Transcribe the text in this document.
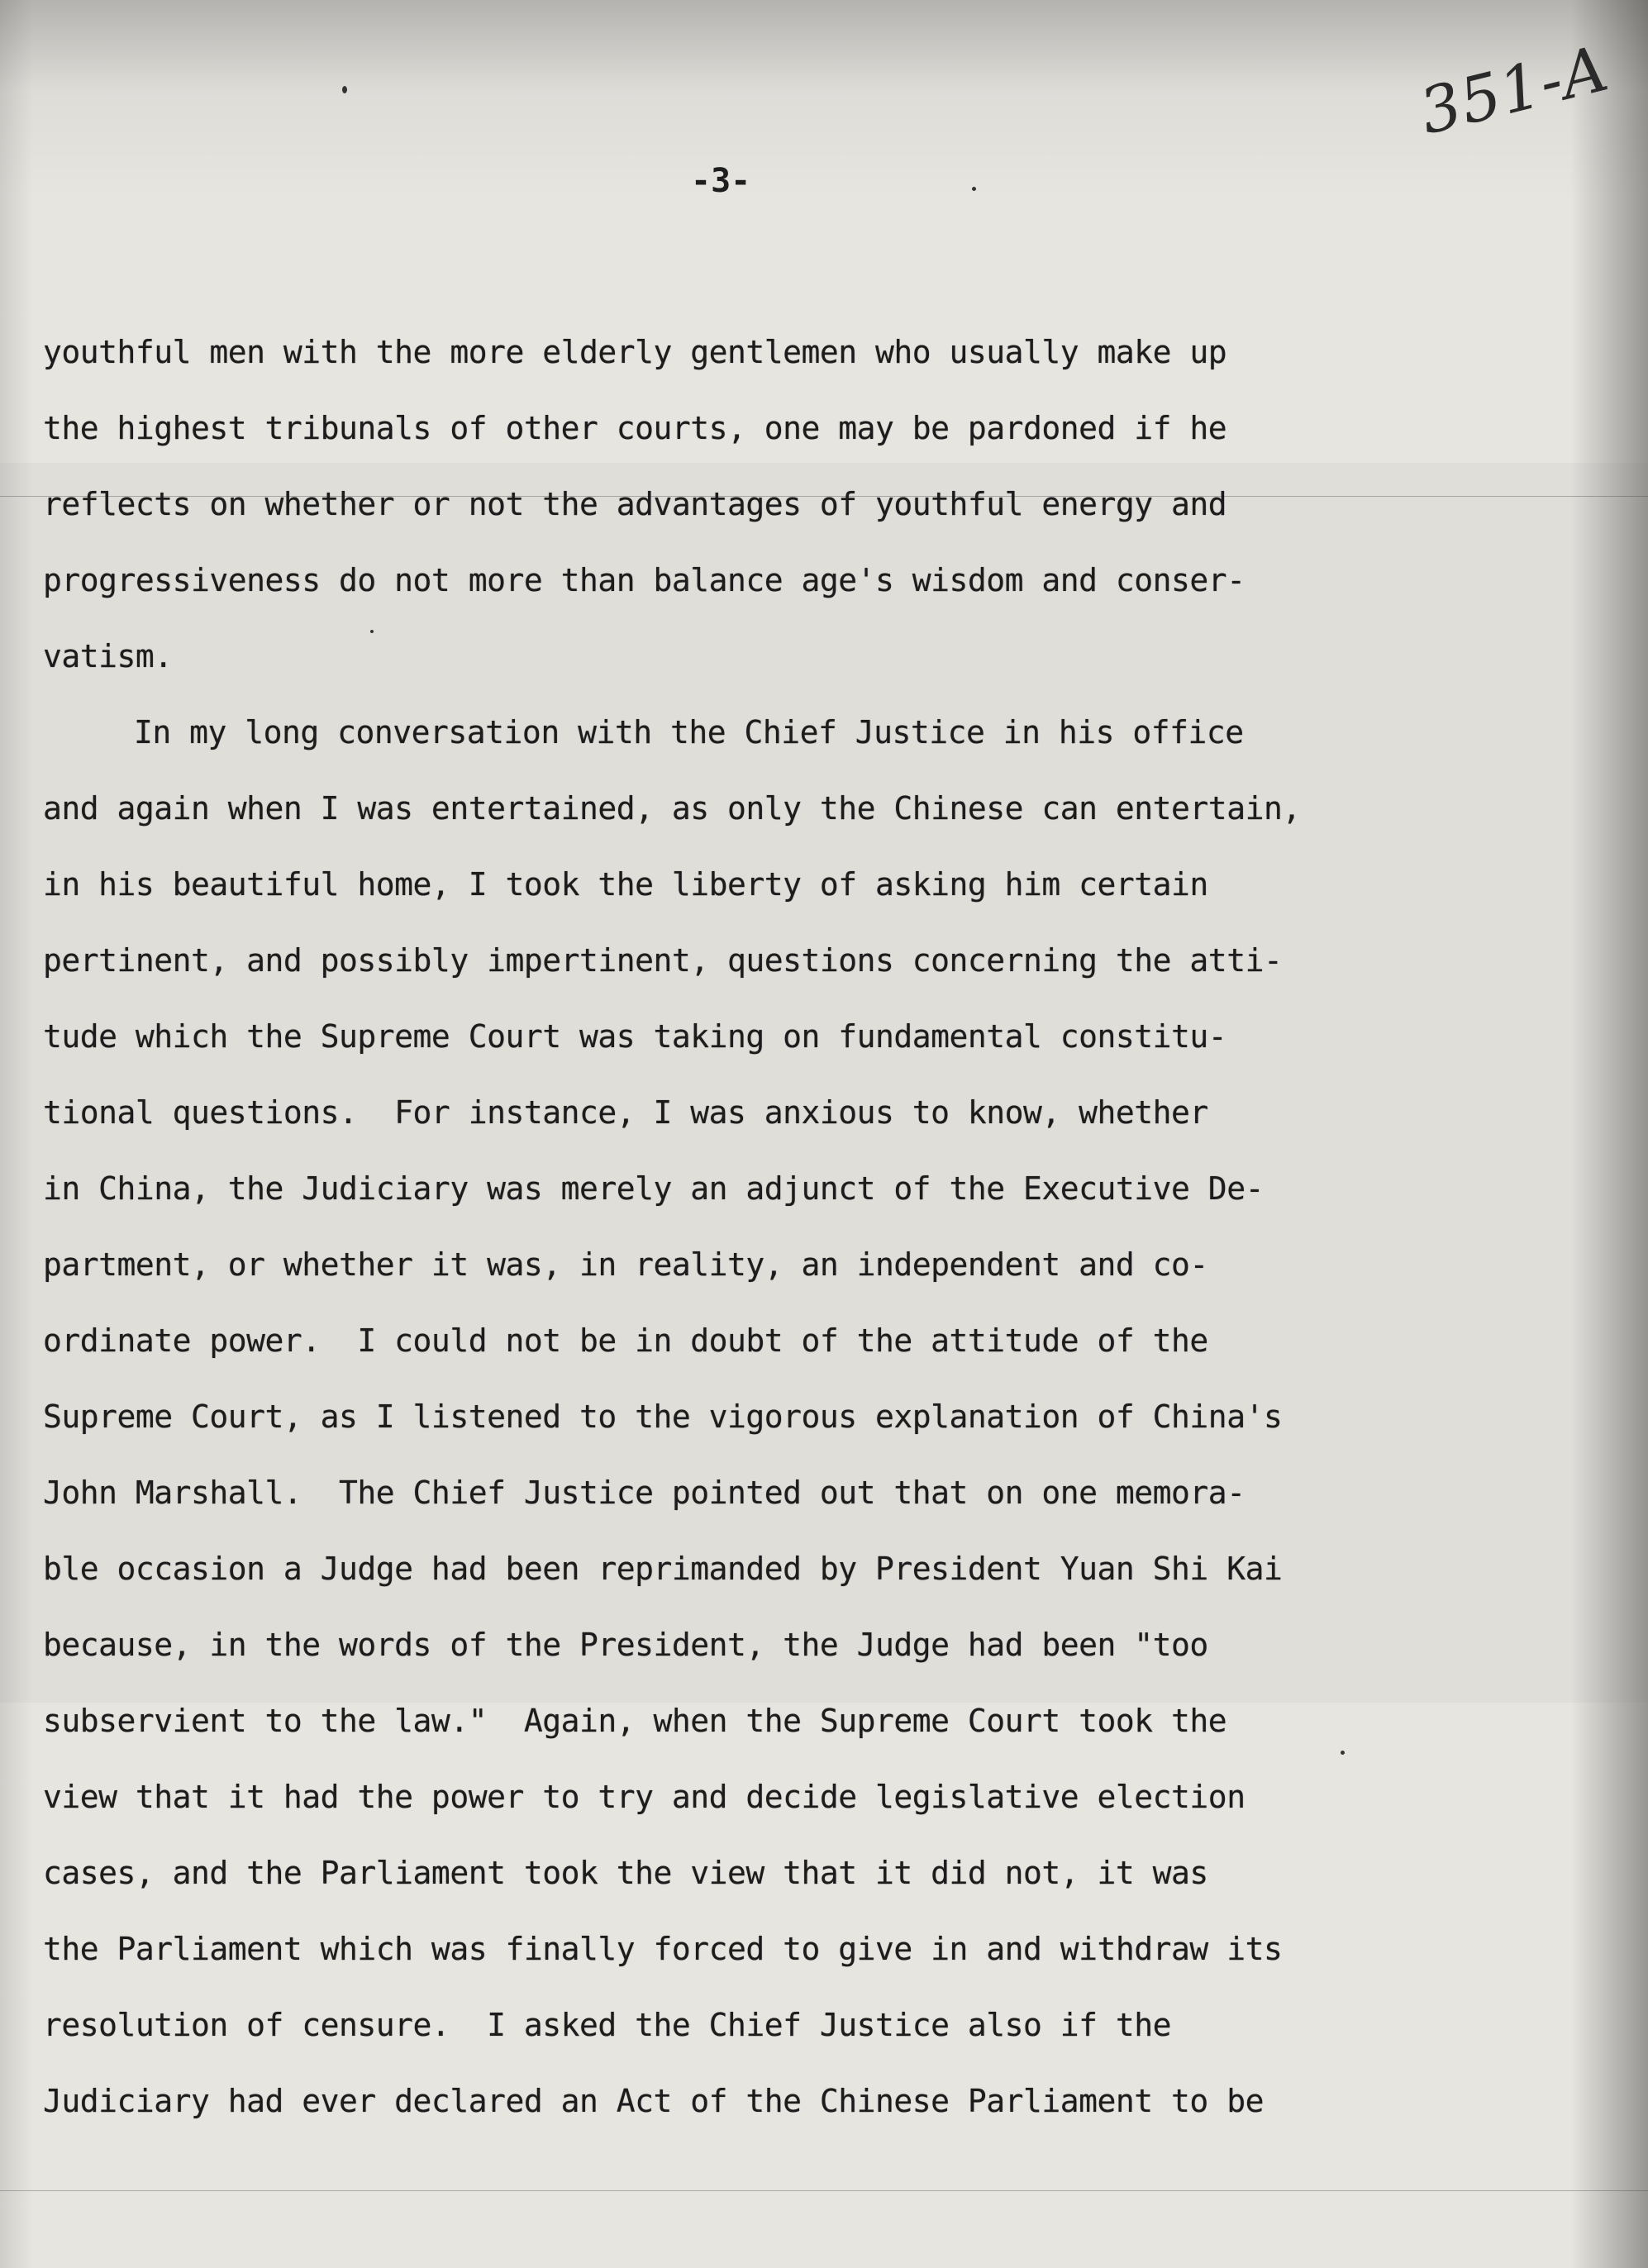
351-A
-3-
youthful men with the more elderly gentlemen who usually make up
the highest tribunals of other courts, one may be pardoned if he
reflects on whether or not the advantages of youthful energy and
progressiveness do not more than balance age's wisdom and conser-
vatism.
In my long conversation with the Chief Justice in his office
and again when I was entertained, as only the Chinese can entertain,
in his beautiful home, I took the liberty of asking him certain
pertinent, and possibly impertinent, questions concerning the atti-
tude which the Supreme Court was taking on fundamental constitu-
tional questions.  For instance, I was anxious to know, whether
in China, the Judiciary was merely an adjunct of the Executive De-
partment, or whether it was, in reality, an independent and co-
ordinate power.  I could not be in doubt of the attitude of the
Supreme Court, as I listened to the vigorous explanation of China's
John Marshall.  The Chief Justice pointed out that on one memora-
ble occasion a Judge had been reprimanded by President Yuan Shi Kai
because, in the words of the President, the Judge had been "too
subservient to the law."  Again, when the Supreme Court took the
view that it had the power to try and decide legislative election
cases, and the Parliament took the view that it did not, it was
the Parliament which was finally forced to give in and withdraw its
resolution of censure.  I asked the Chief Justice also if the
Judiciary had ever declared an Act of the Chinese Parliament to be
